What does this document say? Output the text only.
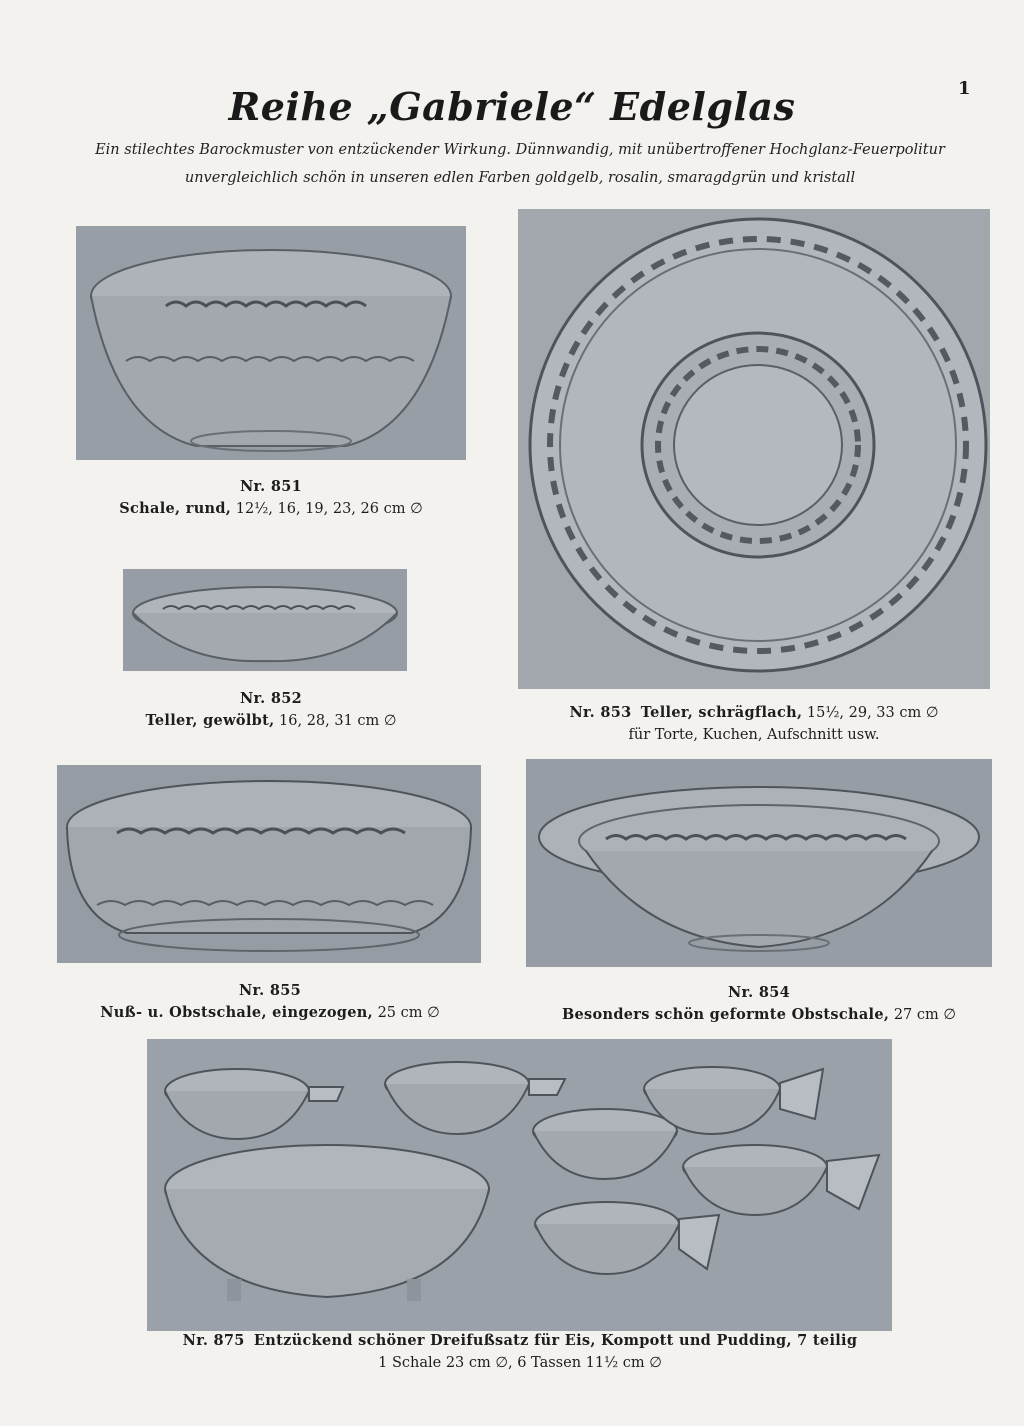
1
Reihe „Gabriele“ Edelglas
Ein stilechtes Barockmuster von entzückender Wirkung. Dünnwandig, mit unübertroffener Hochglanz-Feuerpolitur
unvergleichlich schön in unseren edlen Farben goldgelb, rosalin, smaragdgrün und kristall
Nr. 851
Schale, rund, 12½, 16, 19, 23, 26 cm ∅
Nr. 852
Teller, gewölbt, 16, 28, 31 cm ∅	Nr. 853 Teller, schrägflach, 15½, 29, 33 cm ∅
für Torte, Kuchen, Aufschnitt usw.
Nr. 855
Nuß- u. Obstschale, eingezogen, 25 cm ∅
Nr. 854
Besonders schön geformte Obstschale, 27 cm ∅
Nr. 875 Entzückend schöner Dreifußsatz für Eis, Kompott und Pudding, 7 teilig
1 Schale 23 cm ∅, 6 Tassen 11½ cm ∅
